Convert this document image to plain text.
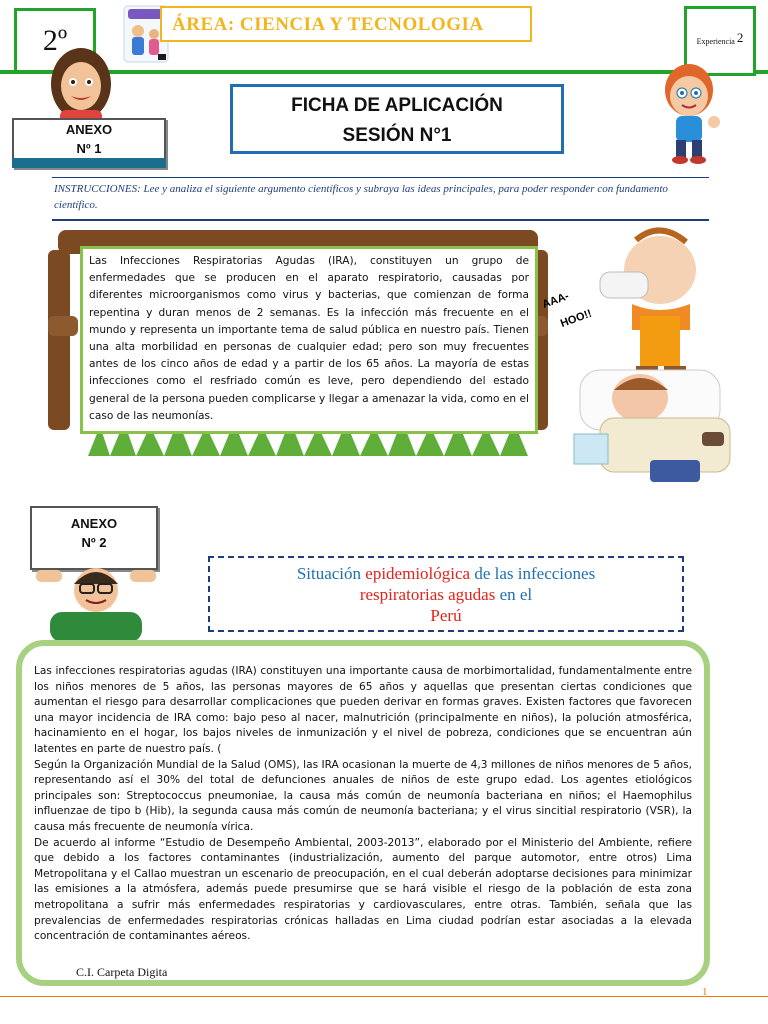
2º	ÁREA: CIENCIA Y TECNOLOGIA
Experiencia 2
ANEXO
Nº 1
FICHA DE APLICACIÓN
SESIÓN N°1
INSTRUCCIONES: Lee y analiza el siguiente argumento científicos y subraya las ideas principales, para poder responder con fundamento científico.
Las Infecciones Respiratorias Agudas (IRA), constituyen un grupo de enfermedades que se producen en el aparato respiratorio, causadas por diferentes microorganismos como virus y bacterias, que comienzan de forma repentina y duran menos de 2 semanas. Es la infección más frecuente en el mundo y representa un importante tema de salud pública en nuestro país. Tienen una alta morbilidad en personas de cualquier edad; pero son muy frecuentes antes de los cinco años de edad y a partir de los 65 años. La mayoría de estas infecciones como el resfriado común es leve, pero dependiendo del estado general de la persona pueden complicarse y llegar a amenazar la vida, como en el caso de las neumonías.
AAA-
HOO!!
ANEXO
Nº 2
Situación epidemiológica de las infecciones
respiratorias agudas en el
Perú

Las infecciones respiratorias agudas (IRA) constituyen una importante causa de morbimortalidad, fundamentalmente entre los niños menores de 5 años, las personas mayores de 65 años y aquellas que presentan ciertas condiciones que aumentan el riesgo para desarrollar complicaciones que pueden derivar en formas graves. Existen factores que favorecen una mayor incidencia de IRA como: bajo peso al nacer, malnutrición (principalmente en niños), la polución atmosférica, hacinamiento en el hogar, los bajos niveles de inmunización y el nivel de pobreza, condiciones que se encuentran aún latentes en parte de nuestro país. (

Según la Organización Mundial de la Salud (OMS), las IRA ocasionan la muerte de 4,3 millones de niños menores de 5 años, representando así el 30% del total de defunciones anuales de niños de este grupo edad. Los agentes etiológicos principales son: Streptococcus pneumoniae, la causa más común de neumonía bacteriana en niños; el Haemophilus influenzae de tipo b (Hib), la segunda causa más común de neumonía bacteriana; y el virus sincitial respiratorio (VSR), la causa más frecuente de neumonía vírica.

De acuerdo al informe “Estudio de Desempeño Ambiental, 2003-2013”, elaborado por el Ministerio del Ambiente, refiere que debido a los factores contaminantes (industrialización, aumento del parque automotor, entre otros) Lima Metropolitana y el Callao muestran un escenario de preocupación, en el cual deberán adoptarse decisiones para minimizar las emisiones a la atmósfera, además puede presumirse que se hará visible el riesgo de la población de esta zona metropolitana a sufrir más enfermedades respiratorias y cardiovasculares, entre otras. También, señala que las prevalencias de enfermedades respiratorias crónicas halladas en Lima ciudad podrían estar asociadas a la elevada concentración de contaminantes aéreos.

C.I. Carpeta Digita
1
